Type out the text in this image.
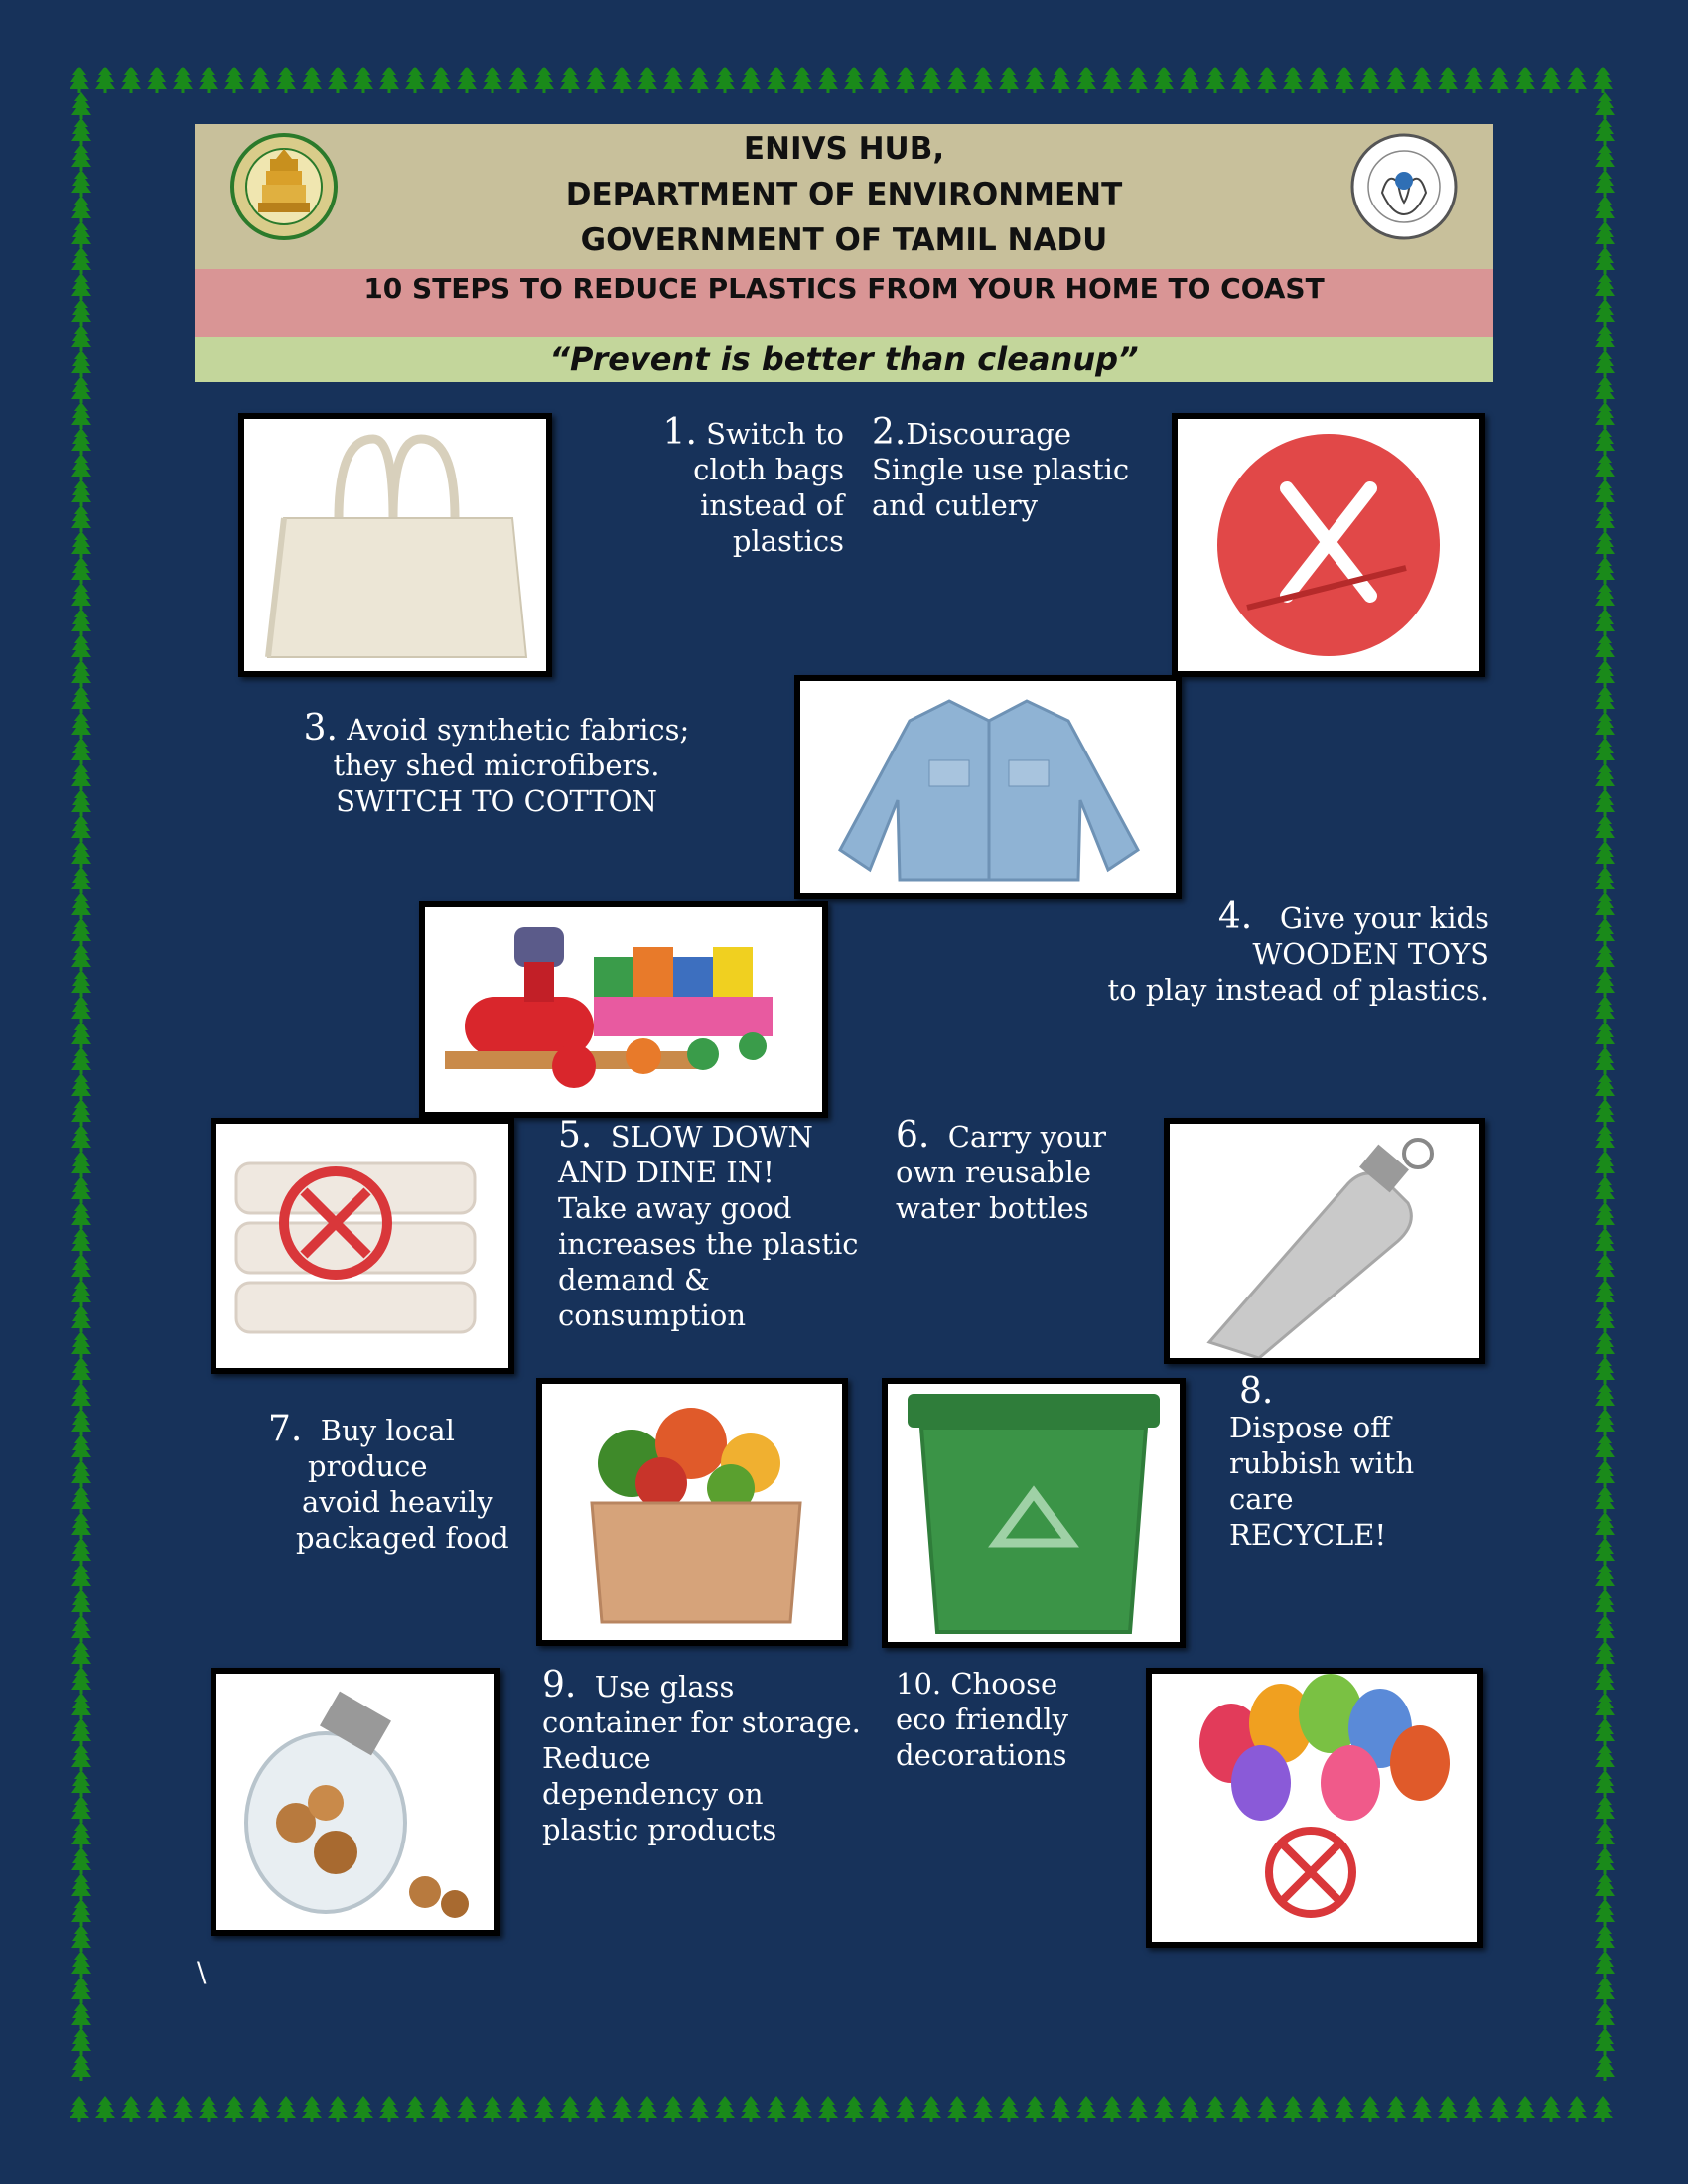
ENIVS HUB,
DEPARTMENT OF ENVIRONMENT
GOVERNMENT OF TAMIL NADU
10 STEPS TO REDUCE PLASTICS FROM YOUR HOME TO COAST
“Prevent is better than cleanup”

1. Switch to

cloth bags

instead of

plastics

2.Discourage

Single use plastic

and cutlery

3. Avoid synthetic fabrics;

they shed microfibers.

SWITCH TO COTTON

4. Give your kids

WOODEN TOYS

to play instead of plastics.

5. SLOW DOWN

AND DINE IN!

Take away good

increases the plastic

demand &

consumption

6. Carry your

own reusable

water bottles

7. Buy local

produce

avoid heavily

packaged food

8.

Dispose off

rubbish with

care

RECYCLE!

9. Use glass

container for storage.

Reduce

dependency on

plastic products

10. Choose

eco friendly

decorations

\
